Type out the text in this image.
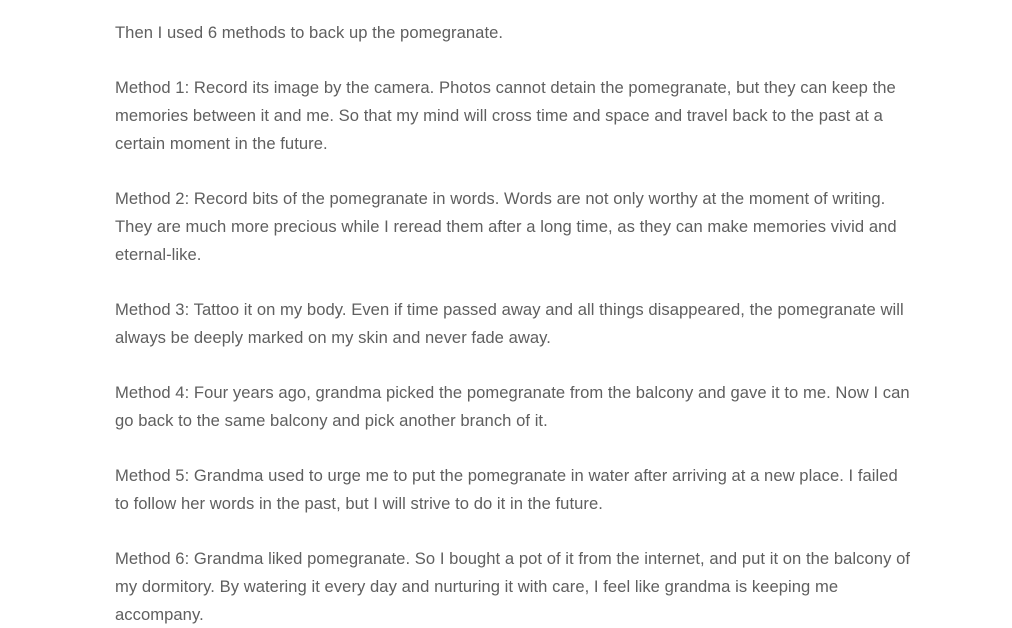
Then I used 6 methods to back up the pomegranate.

Method 1: Record its image by the camera. Photos cannot detain the pomegranate, but they can keep the memories between it and me. So that my mind will cross time and space and travel back to the past at a certain moment in the future.

Method 2: Record bits of the pomegranate in words. Words are not only worthy at the moment of writing. They are much more precious while I reread them after a long time, as they can make memories vivid and eternal-like.

Method 3: Tattoo it on my body. Even if time passed away and all things disappeared, the pomegranate will always be deeply marked on my skin and never fade away.

Method 4: Four years ago, grandma picked the pomegranate from the balcony and gave it to me. Now I can go back to the same balcony and pick another branch of it.

Method 5: Grandma used to urge me to put the pomegranate in water after arriving at a new place. I failed to follow her words in the past, but I will strive to do it in the future.

Method 6: Grandma liked pomegranate. So I bought a pot of it from the internet, and put it on the balcony of my dormitory. By watering it every day and nurturing it with care, I feel like grandma is keeping me accompany.
